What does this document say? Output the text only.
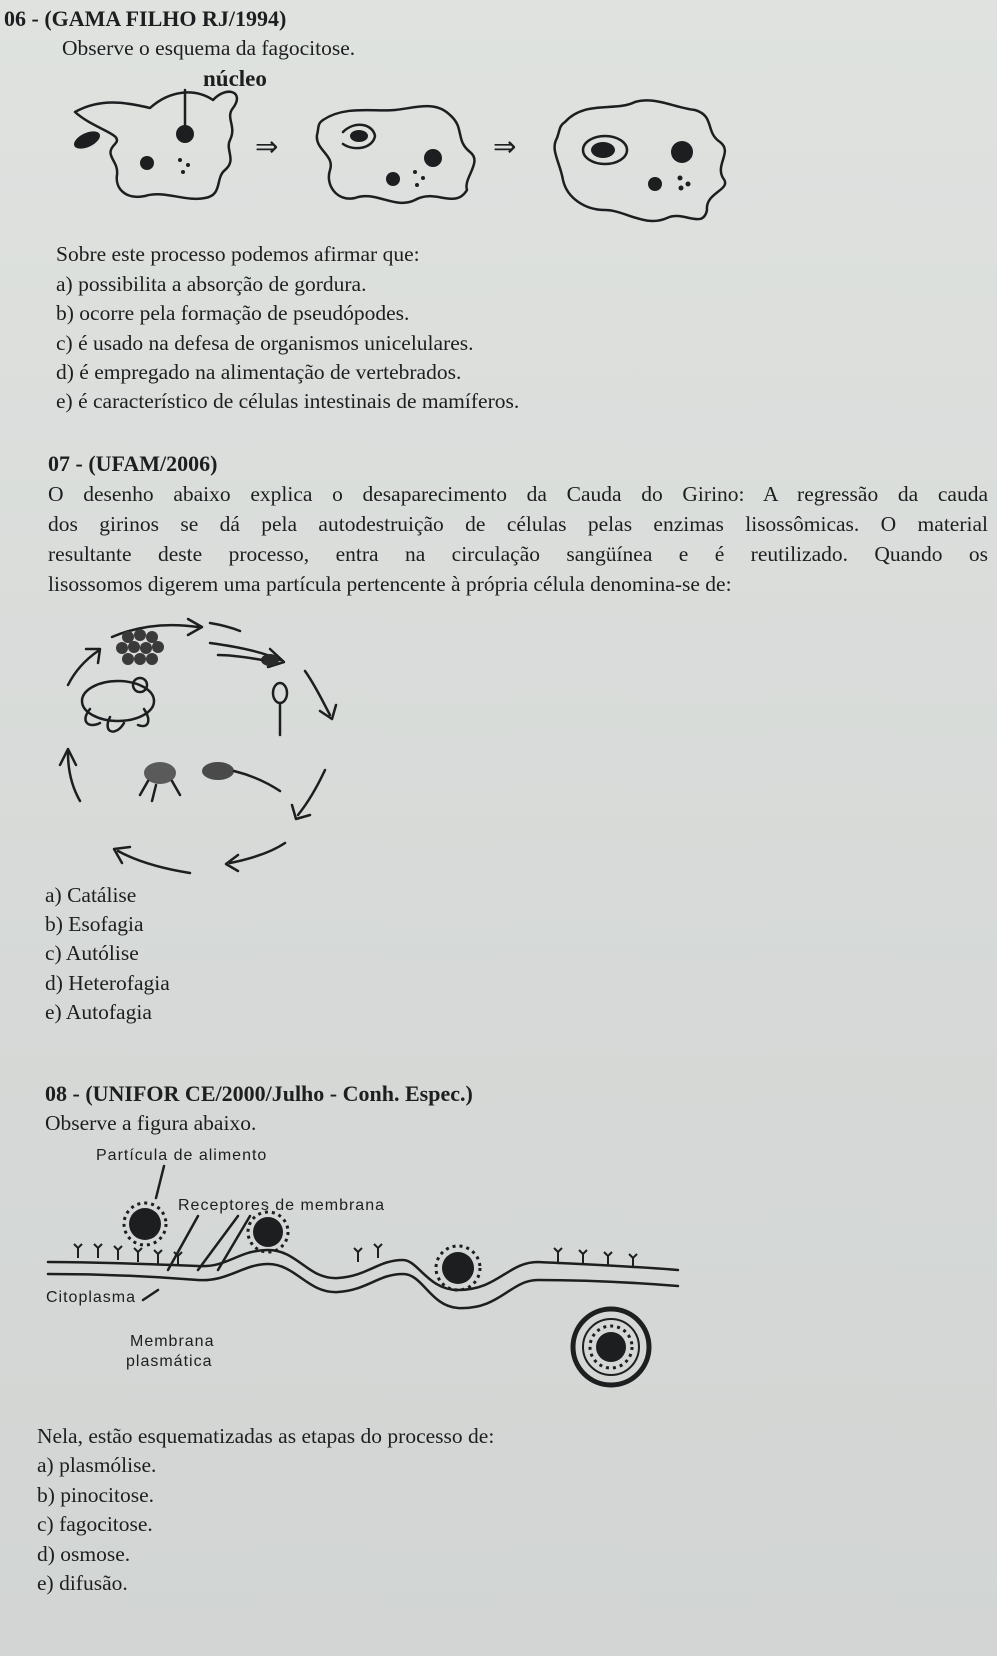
06 - (GAMA FILHO RJ/1994)
Observe o esquema da fagocitose.
núcleo
⇒	⇒
Sobre este processo podemos afirmar que:
a) possibilita a absorção de gordura.
b) ocorre pela formação de pseudópodes.
c) é usado na defesa de organismos unicelulares.
d) é empregado na alimentação de vertebrados.
e) é característico de células intestinais de mamíferos.
07 - (UFAM/2006)
O desenho abaixo explica o desaparecimento da Cauda do Girino: A regressão da cauda
dos girinos se dá pela autodestruição de células pelas enzimas lisossômicas. O material
resultante deste processo, entra na circulação sangüínea e é reutilizado. Quando os
lisossomos digerem uma partícula pertencente à própria célula denomina-se de:
a) Catálise
b) Esofagia
c) Autólise
d) Heterofagia
e) Autofagia
08 - (UNIFOR CE/2000/Julho - Conh. Espec.)
Observe a figura abaixo.
Partícula de alimento
Receptores de membrana
Citoplasma
Membrana
plasmática
Nela, estão esquematizadas as etapas do processo de:
a) plasmólise.
b) pinocitose.
c) fagocitose.
d) osmose.
e) difusão.
